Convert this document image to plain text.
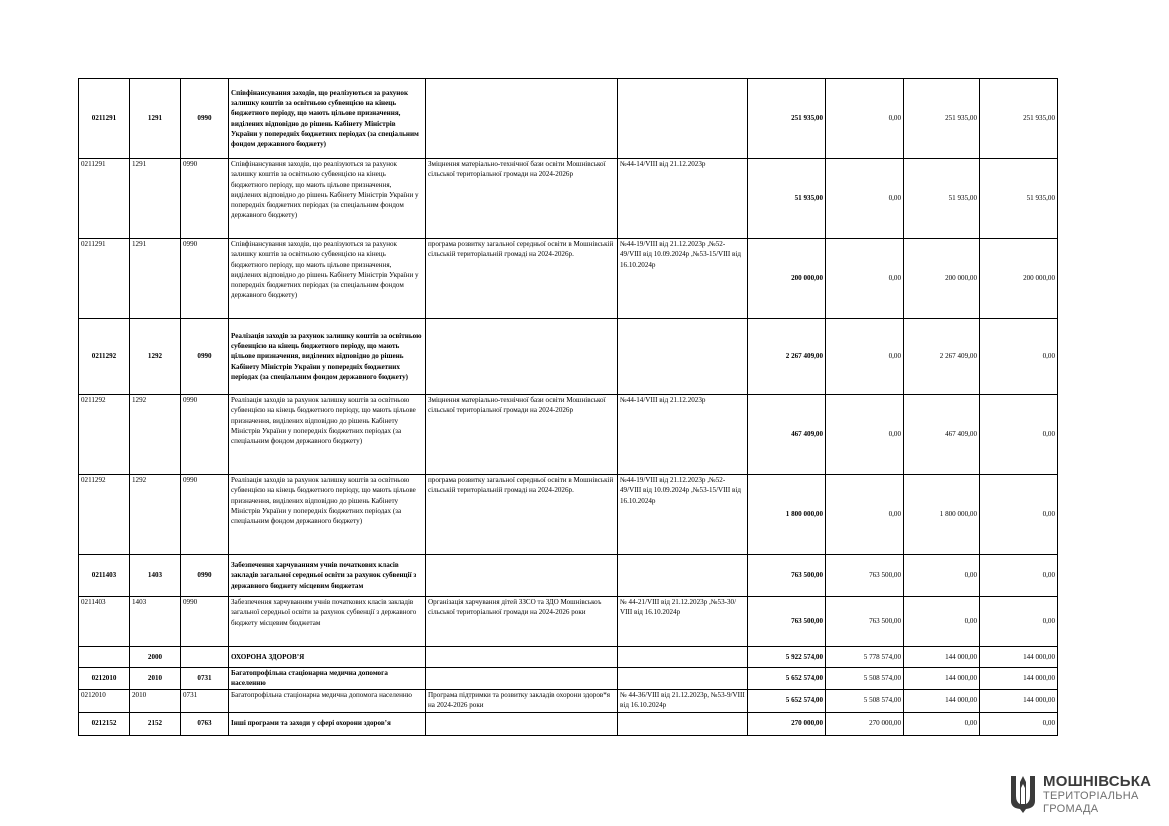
0211291	1291	0990	Співфінансування заходів, що реалізуються за рахунок залишку коштів за освітньою субвенцією на кінець бюджетного періоду, що мають цільове призначення, виділених відповідно до рішень Кабінету Міністрів України у попередніх бюджетних періодах (за спеціальним фондом державного бюджету)			251 935,00	0,00	251 935,00	251 935,00
0211291	1291	0990	Співфінансування заходів, що реалізуються за рахунок залишку коштів за освітньою субвенцією на кінець бюджетного періоду, що мають цільове призначення, виділених відповідно до рішень Кабінету Міністрів України у попередніх бюджетних періодах (за спеціальним фондом державного бюджету)	Зміцнення матеріально-технічної бази освіти Мошнівської сільської територіальної громади на 2024-2026р	№44-14/VIII від 21.12.2023р	51 935,00	0,00	51 935,00	51 935,00
0211291	1291	0990	Співфінансування заходів, що реалізуються за рахунок залишку коштів за освітньою субвенцією на кінець бюджетного періоду, що мають цільове призначення, виділених відповідно до рішень Кабінету Міністрів України у попередніх бюджетних періодах (за спеціальним фондом державного бюджету)	програма розвитку загальної середньої освіти в Мошнівській сільській територіальній громаді на 2024-2026р.	№44-19/VIII від 21.12.2023р ,№52-49/VIII від 10.09.2024р ,№53-15/VIII від 16.10.2024р	200 000,00	0,00	200 000,00	200 000,00
0211292	1292	0990	Реалізація заходів за рахунок залишку коштів за освітньою субвенцією на кінець бюджетного періоду, що мають цільове призначення, виділених відповідно до рішень Кабінету Міністрів України у попередніх бюджетних періодах (за спеціальним фондом державного бюджету)			2 267 409,00	0,00	2 267 409,00	0,00
0211292	1292	0990	Реалізація заходів за рахунок залишку коштів за освітньою субвенцією на кінець бюджетного періоду, що мають цільове призначення, виділених відповідно до рішень Кабінету Міністрів України у попередніх бюджетних періодах (за спеціальним фондом державного бюджету)	Зміцнення матеріально-технічної бази освіти Мошнівської сільської територіальної громади на 2024-2026р	№44-14/VIII від 21.12.2023р	467 409,00	0,00	467 409,00	0,00
0211292	1292	0990	Реалізація заходів за рахунок залишку коштів за освітньою субвенцією на кінець бюджетного періоду, що мають цільове призначення, виділених відповідно до рішень Кабінету Міністрів України у попередніх бюджетних періодах (за спеціальним фондом державного бюджету)	програма розвитку загальної середньої освіти в Мошнівській сільській територіальній громаді на 2024-2026р.	№44-19/VIII від 21.12.2023р ,№52-49/VIII від 10.09.2024р ,№53-15/VIII від 16.10.2024р	1 800 000,00	0,00	1 800 000,00	0,00
0211403	1403	0990	Забезпечення харчуванням учнів початкових класів закладів загальної середньої освіти за рахунок субвенції з державного бюджету місцевим бюджетам			763 500,00	763 500,00	0,00	0,00
0211403	1403	0990	Забезпечення харчуванням учнів початкових класів закладів загальної середньої освіти за рахунок субвенції з державного бюджету місцевим бюджетам	Організація харчування дітей ЗЗСО та ЗДО Мошнівськоъ сільської територіальної громади на 2024-2026 роки	№ 44-21/VIII від 21.12.2023р ,№53-30/ VIII від 16.10.2024р	763 500,00	763 500,00	0,00	0,00
	2000		ОХОРОНА ЗДОРОВ’Я			5 922 574,00	5 778 574,00	144 000,00	144 000,00
0212010	2010	0731	Багатопрофільна стаціонарна медична допомога населенню			5 652 574,00	5 508 574,00	144 000,00	144 000,00
0212010	2010	0731	Багатопрофільна стаціонарна медична допомога населенню	Програма підтримки та розвитку закладів охорони здоров*я на 2024-2026 роки	№ 44-36/VIII від 21.12.2023р, №53-9/VIII від 16.10.2024р	5 652 574,00	5 508 574,00	144 000,00	144 000,00
0212152	2152	0763	Інші програми та заходи у сфері охорони здоров’я			270 000,00	270 000,00	0,00	0,00
МОШНІВСЬКА
ТЕРИТОРІАЛЬНА
ГРОМАДА
